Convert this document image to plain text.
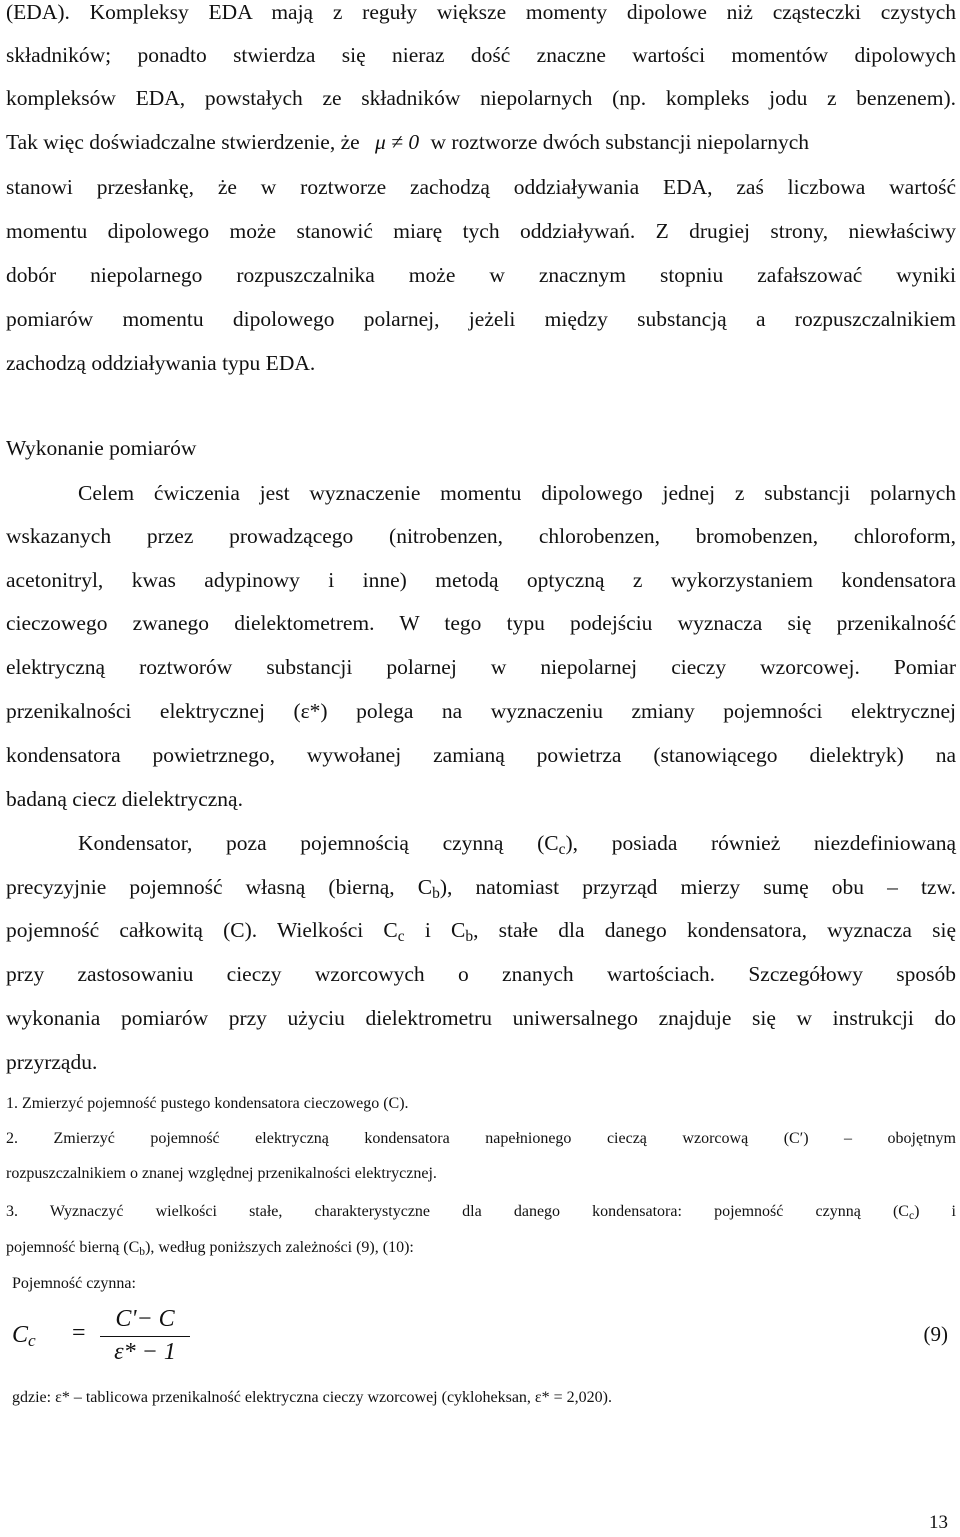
(EDA). Kompleksy EDA mają z reguły większe momenty dipolowe niż cząsteczki czystych
składników; ponadto stwierdza się nieraz dość znaczne wartości momentów dipolowych
kompleksów EDA, powstałych ze składników niepolarnych (np. kompleks jodu z benzenem).
Tak więc doświadczalne stwierdzenie, że μ ≠ 0 w roztworze dwóch substancji niepolarnych
stanowi przesłankę, że w roztworze zachodzą oddziaływania EDA, zaś liczbowa wartość
momentu dipolowego może stanowić miarę tych oddziaływań. Z drugiej strony, niewłaściwy
dobór niepolarnego rozpuszczalnika może w znacznym stopniu zafałszować wyniki
pomiarów momentu dipolowego polarnej, jeżeli między substancją a rozpuszczalnikiem
zachodzą oddziaływania typu EDA.
Wykonanie pomiarów
Celem ćwiczenia jest wyznaczenie momentu dipolowego jednej z substancji polarnych
wskazanych przez prowadzącego (nitrobenzen, chlorobenzen, bromobenzen, chloroform,
acetonitryl, kwas adypinowy i inne) metodą optyczną z wykorzystaniem kondensatora
cieczowego zwanego dielektometrem. W tego typu podejściu wyznacza się przenikalność
elektryczną roztworów substancji polarnej w niepolarnej cieczy wzorcowej. Pomiar
przenikalności elektrycznej (ε*) polega na wyznaczeniu zmiany pojemności elektrycznej
kondensatora powietrznego, wywołanej zamianą powietrza (stanowiącego dielektryk) na
badaną ciecz dielektryczną.
Kondensator, poza pojemnością czynną (Cc), posiada również niezdefiniowaną
precyzyjnie pojemność własną (bierną, Cb), natomiast przyrząd mierzy sumę obu – tzw.
pojemność całkowitą (C). Wielkości Cc i Cb, stałe dla danego kondensatora, wyznacza się
przy zastosowaniu cieczy wzorcowych o znanych wartościach. Szczegółowy sposób
wykonania pomiarów przy użyciu dielektrometru uniwersalnego znajduje się w instrukcji do
przyrządu.
1. Zmierzyć pojemność pustego kondensatora cieczowego (C).
2. Zmierzyć pojemność elektryczną kondensatora napełnionego cieczą wzorcową (C′) – obojętnym
rozpuszczalnikiem o znanej względnej przenikalności elektrycznej.
3. Wyznaczyć wielkości stałe, charakterystyczne dla danego kondensatora: pojemność czynną (Cc) i
pojemność bierną (Cb), według poniższych zależności (9), (10):
Pojemność czynna:
Cc =
C'− C
ε* − 1
(9)
gdzie: ε* – tablicowa przenikalność elektryczna cieczy wzorcowej (cykloheksan, ε* = 2,020).
13
